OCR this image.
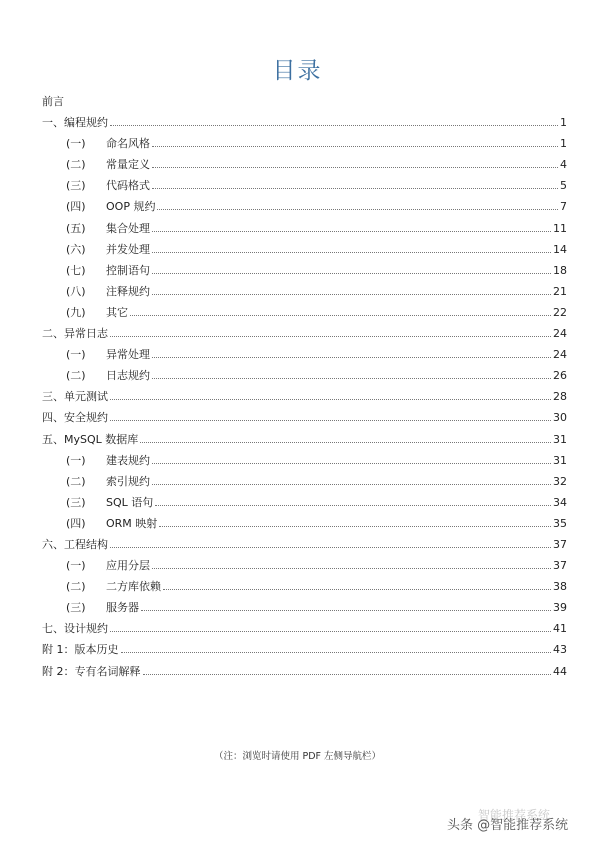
目录
前言
一、 编程规约	1
(一)	命名风格	1
(二)	常量定义	4
(三)	代码格式	5
(四)	OOP 规约	7
(五)	集合处理	11
(六)	并发处理	14
(七)	控制语句	18
(八)	注释规约	21
(九)	其它	22
二、 异常日志	24
(一)	异常处理	24
(二)	日志规约	26
三、 单元测试	28
四、 安全规约	30
五、 MySQL 数据库	31
(一)	建表规约	31
(二)	索引规约	32
(三)	SQL 语句	34
(四)	ORM 映射	35
六、 工程结构	37
(一)	应用分层	37
(二)	二方库依赖	38
(三)	服务器	39
七、 设计规约	41
附 1： 版本历史	43
附 2： 专有名词解释	44
（注：浏览时请使用 PDF 左侧导航栏）
智能推荐系统
头条 @智能推荐系统
